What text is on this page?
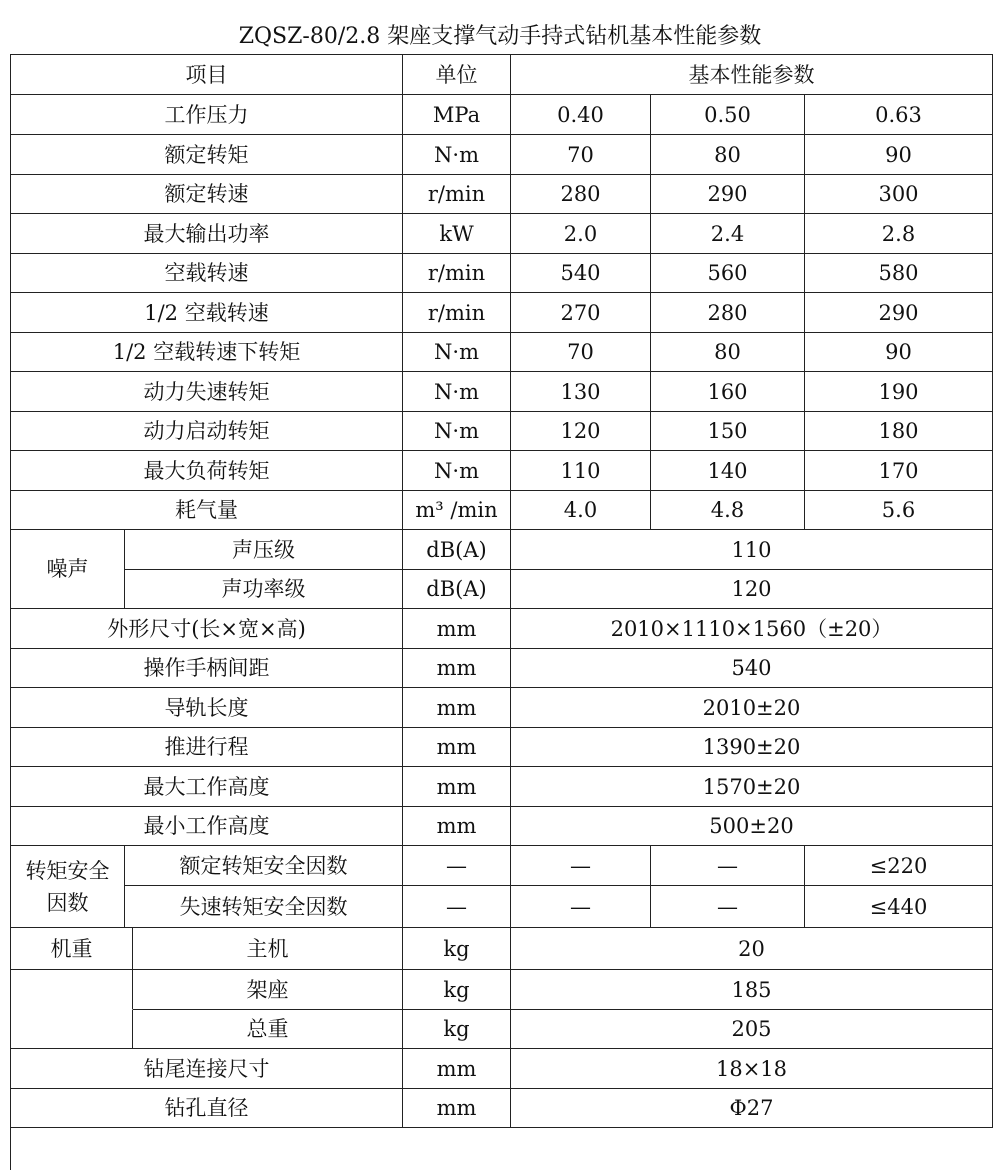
ZQSZ-80/2.8 架座支撑气动手持式钻机基本性能参数
项目	单位	基本性能参数
工作压力	MPa	0.40	0.50	0.63
额定转矩	N·m	70	80	90
额定转速	r/min	280	290	300
最大输出功率	kW	2.0	2.4	2.8
空载转速	r/min	540	560	580
1/2 空载转速	r/min	270	280	290
1/2 空载转速下转矩	N·m	70	80	90
动力失速转矩	N·m	130	160	190
动力启动转矩	N·m	120	150	180
最大负荷转矩	N·m	110	140	170
耗气量	m³ /min	4.0	4.8	5.6
噪声
声压级	dB(A)	110
声功率级	dB(A)	120
外形尺寸(长×宽×高)	mm	2010×1110×1560（±20）
操作手柄间距	mm	540
导轨长度	mm	2010±20
推进行程	mm	1390±20
最大工作高度	mm	1570±20
最小工作高度	mm	500±20
转矩安全因数
额定转矩安全因数	—	—	—	≤220
失速转矩安全因数	—	—	—	≤440
机重	主机	kg	20
架座	kg	185
总重	kg	205
钻尾连接尺寸	mm	18×18
钻孔直径	mm	Φ27
